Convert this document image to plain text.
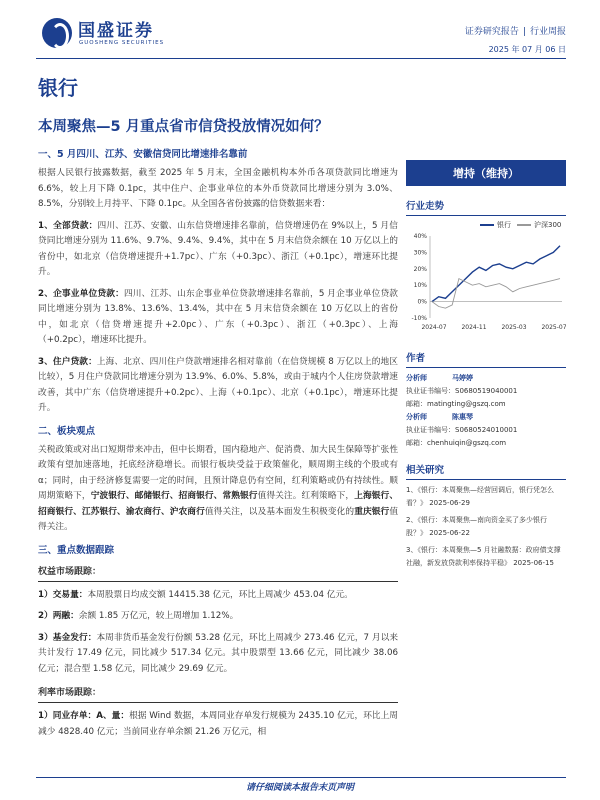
国盛证券
GUOSHENG SECURITIES
证券研究报告 | 行业周报
2025 年 07 月 06 日
银行
本周聚焦—5 月重点省市信贷投放情况如何？
一、5 月四川、江苏、安徽信贷同比增速排名靠前
根据人民银行披露数据，截至 2025 年 5 月末，全国金融机构本外币各项贷款同比增速为 6.6%，较上月下降 0.1pc，其中住户、企事业单位的本外币贷款同比增速分别为 3.0%、8.5%，分别较上月持平、下降 0.1pc。从全国各省份披露的信贷数据来看：
1、全部贷款：四川、江苏、安徽、山东信贷增速排名靠前，信贷增速仍在 9%以上，5 月信贷同比增速分别为 11.6%、9.7%、9.4%、9.4%，其中在 5 月末信贷余额在 10 万亿以上的省份中，如北京（信贷增速提升+1.7pc）、广东（+0.3pc）、浙江（+0.1pc），增速环比提升。
2、企事业单位贷款：四川、江苏、山东企事业单位贷款增速排名靠前，5 月企事业单位贷款同比增速分别为 13.8%、13.6%、13.4%，其中在 5 月末信贷余额在 10 万亿以上的省份中，如北京（信贷增速提升+2.0pc）、广东（+0.3pc）、浙江（+0.3pc）、上海（+0.2pc），增速环比提升。
3、住户贷款：上海、北京、四川住户贷款增速排名相对靠前（在信贷规模 8 万亿以上的地区比较），5 月住户贷款同比增速分别为 13.9%、6.0%、5.8%，或由于城内个人住房贷款增速改善，其中广东（信贷增速提升+0.2pc）、上海（+0.1pc）、北京（+0.1pc），增速环比提升。
二、板块观点
关税政策或对出口短期带来冲击，但中长期看，国内稳地产、促消费、加大民生保障等扩张性政策有望加速落地，托底经济稳增长。而银行板块受益于政策催化，顺周期主线的个股或有 α；同时，由于经济修复需要一定的时间，且预计降息仍有空间，红利策略或仍有持续性。顺周期策略下，宁波银行、邮储银行、招商银行、常熟银行值得关注。红利策略下，上海银行、招商银行、江苏银行、渝农商行、沪农商行值得关注，以及基本面发生积极变化的重庆银行值得关注。
三、重点数据跟踪
权益市场跟踪：
1）交易量：本周股票日均成交额 14415.38 亿元，环比上周减少 453.04 亿元。
2）两融：余额 1.85 万亿元，较上周增加 1.12%。
3）基金发行：本周非货币基金发行份额 53.28 亿元，环比上周减少 273.46 亿元，7 月以来共计发行 17.49 亿元，同比减少 517.34 亿元。其中股票型 13.66 亿元，同比减少 38.06 亿元；混合型 1.58 亿元，同比减少 29.69 亿元。
利率市场跟踪：
1）同业存单：A、量：根据 Wind 数据，本周同业存单发行规模为 2435.10 亿元，环比上周减少 4828.40 亿元；当前同业存单余额 21.26 万亿元，相
增持（维持）
行业走势
银行	沪深300
40%
30%
20%
10%
0%
-10%
2024-07 2024-11 2025-03 2025-07
作者
分析师	马婷婷
执业证书编号：S0680519040001
邮箱：matingting@gszq.com
分析师	陈惠琴
执业证书编号：S0680524010001
邮箱：chenhuiqin@gszq.com
相关研究
1、《银行：本周聚焦—经营回调后，银行凭怎么看？》 2025-06-29
2、《银行：本周聚焦—南向资金买了多少银行股？》 2025-06-22
3、《银行：本周聚焦—5 月社融数据：政府债支撑社融，新发放贷款利率保持平稳》 2025-06-15
请仔细阅读本报告末页声明
